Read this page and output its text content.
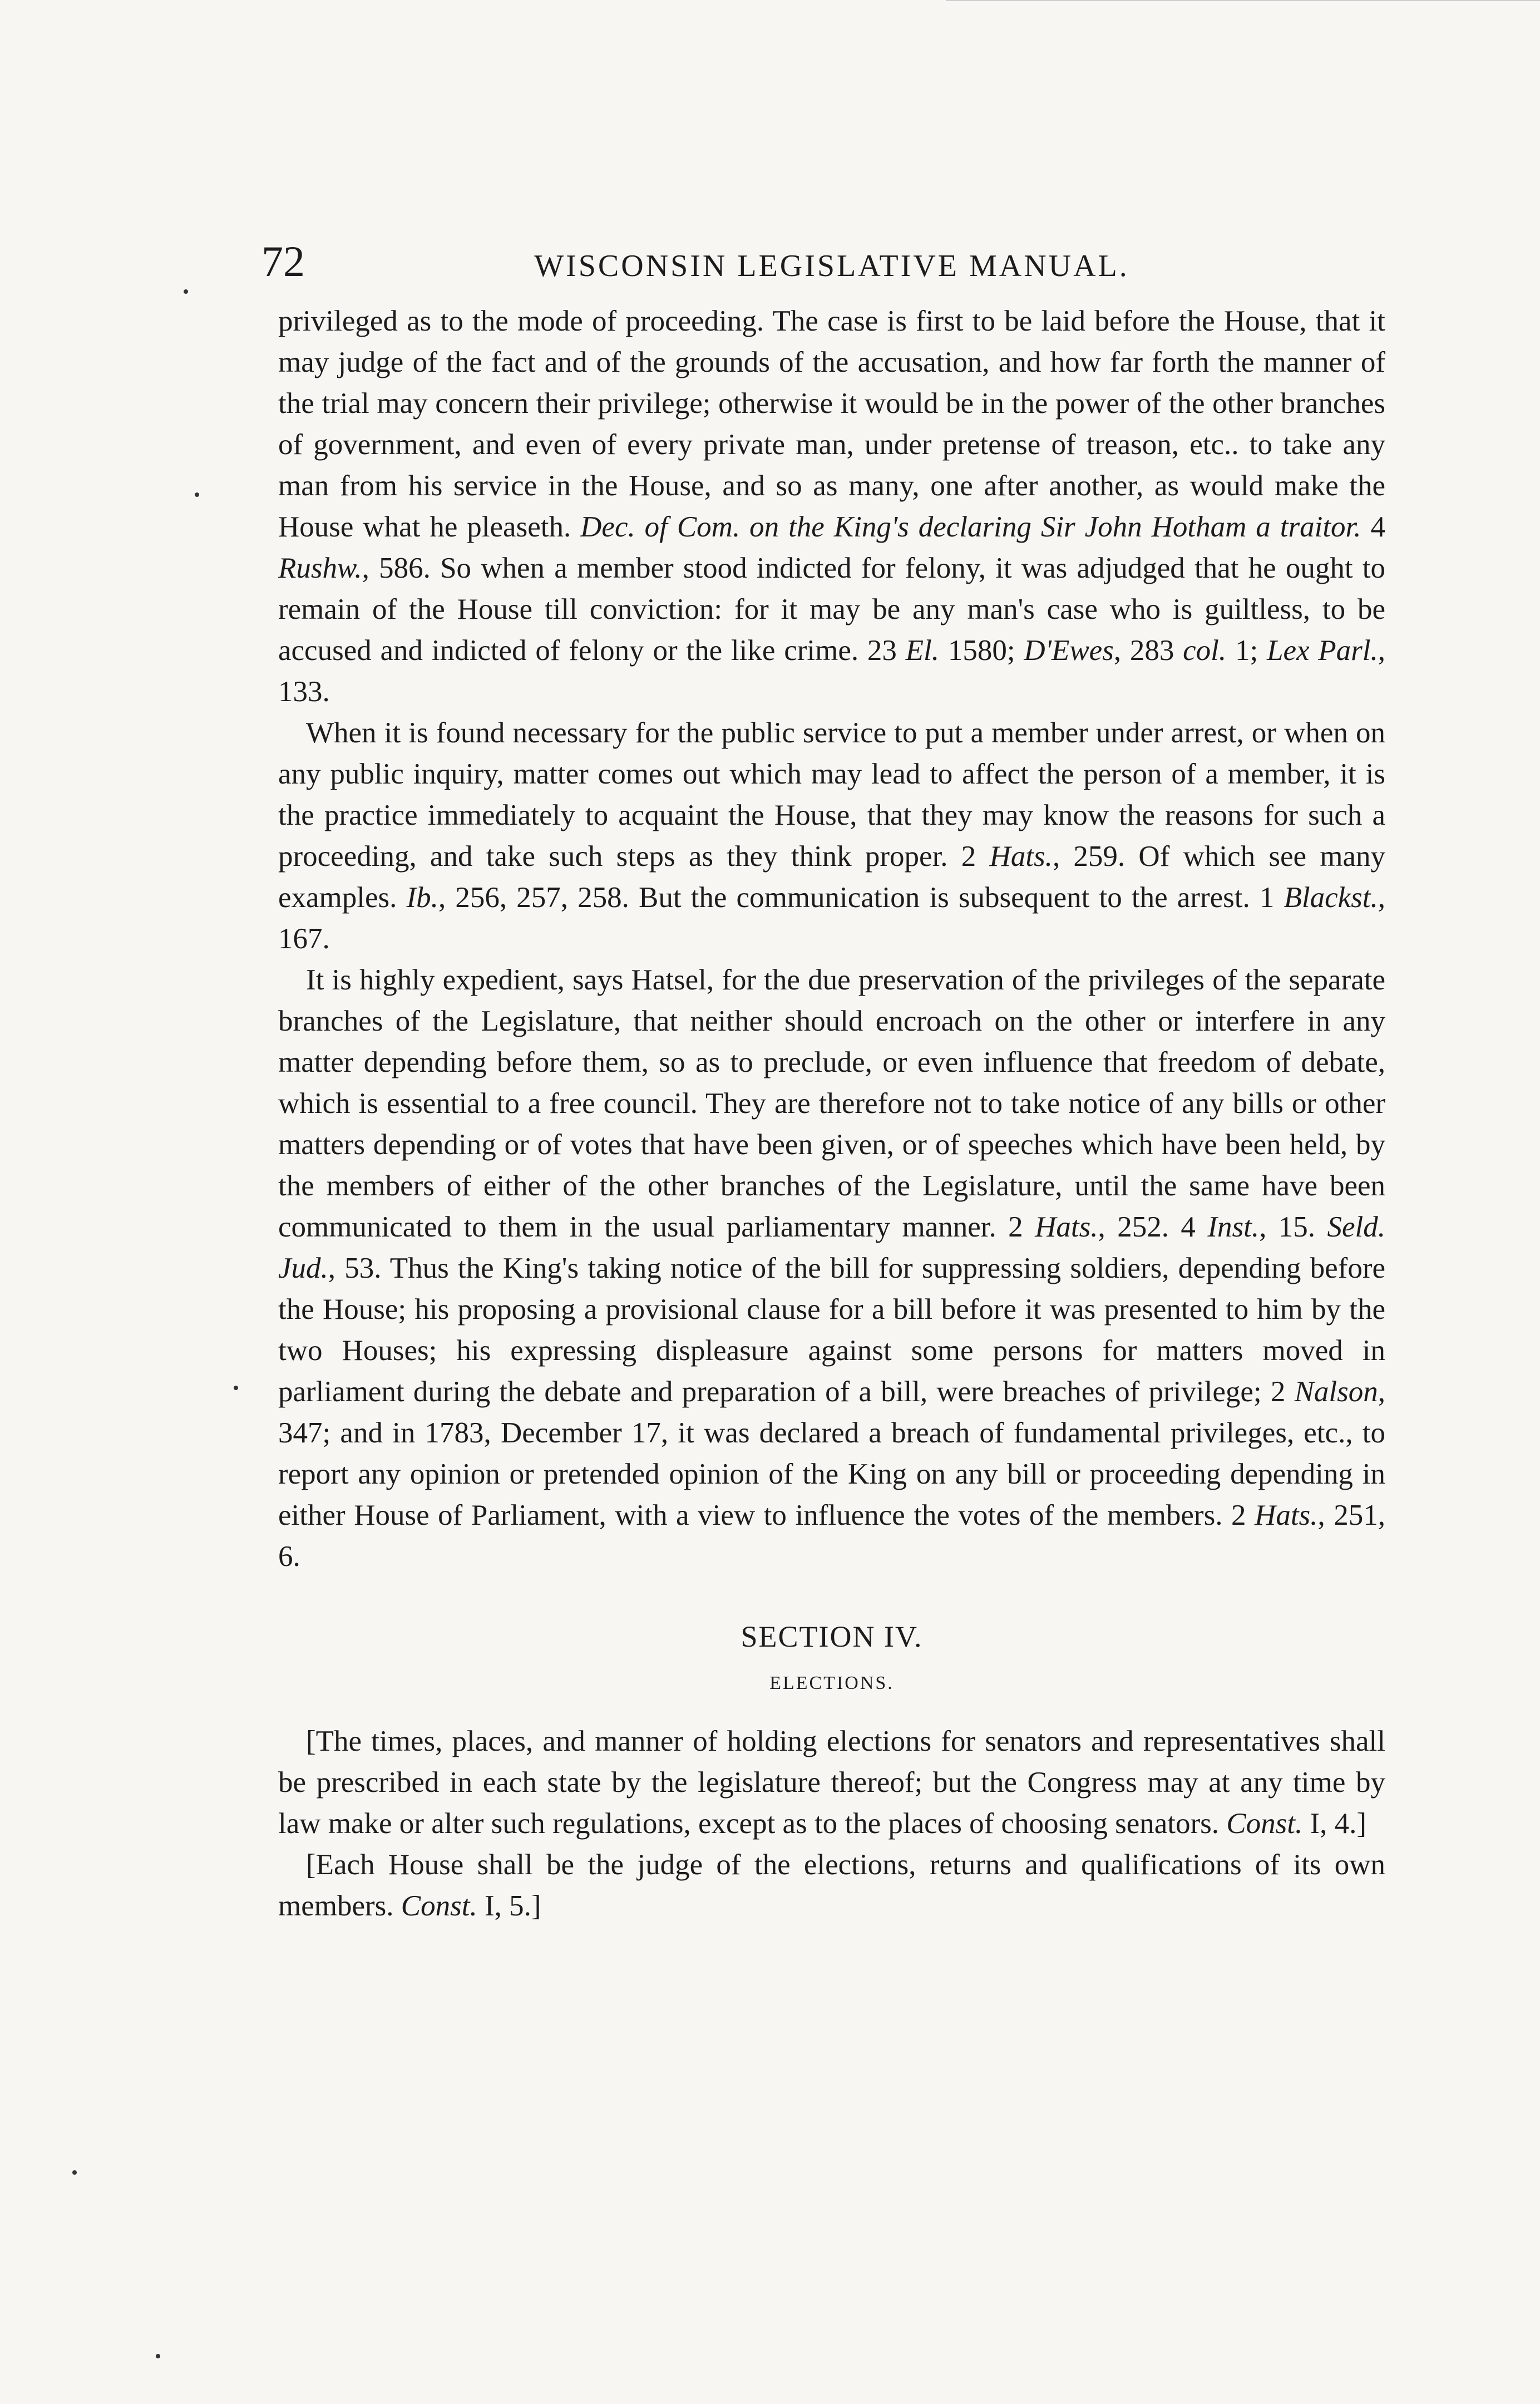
72	WISCONSIN LEGISLATIVE MANUAL.

privileged as to the mode of proceeding. The case is first to be laid before the House, that it may judge of the fact and of the grounds of the accusation, and how far forth the manner of the trial may concern their privilege; otherwise it would be in the power of the other branches of government, and even of every private man, under pretense of treason, etc.. to take any man from his service in the House, and so as many, one after another, as would make the House what he pleaseth. Dec. of Com. on the King's declaring Sir John Hotham a traitor. 4 Rushw., 586. So when a member stood indicted for felony, it was adjudged that he ought to remain of the House till conviction: for it may be any man's case who is guiltless, to be accused and indicted of felony or the like crime. 23 El. 1580; D'Ewes, 283 col. 1; Lex Parl., 133.

When it is found necessary for the public service to put a member under arrest, or when on any public inquiry, matter comes out which may lead to affect the person of a member, it is the practice immediately to acquaint the House, that they may know the reasons for such a proceeding, and take such steps as they think proper. 2 Hats., 259. Of which see many examples. Ib., 256, 257, 258. But the communication is subsequent to the arrest. 1 Blackst., 167.

It is highly expedient, says Hatsel, for the due preservation of the privileges of the separate branches of the Legislature, that neither should encroach on the other or interfere in any matter depending before them, so as to preclude, or even influence that freedom of debate, which is essential to a free council. They are therefore not to take notice of any bills or other matters depending or of votes that have been given, or of speeches which have been held, by the members of either of the other branches of the Legislature, until the same have been communicated to them in the usual parliamentary manner. 2 Hats., 252. 4 Inst., 15. Seld. Jud., 53. Thus the King's taking notice of the bill for suppressing soldiers, depending before the House; his proposing a provisional clause for a bill before it was presented to him by the two Houses; his expressing displeasure against some persons for matters moved in parliament during the debate and preparation of a bill, were breaches of privilege; 2 Nalson, 347; and in 1783, December 17, it was declared a breach of fundamental privileges, etc., to report any opinion or pretended opinion of the King on any bill or proceeding depending in either House of Parliament, with a view to influence the votes of the members. 2 Hats., 251, 6.

SECTION IV.

ELECTIONS.

[The times, places, and manner of holding elections for senators and representatives shall be prescribed in each state by the legislature thereof; but the Congress may at any time by law make or alter such regulations, except as to the places of choosing senators. Const. I, 4.]

[Each House shall be the judge of the elections, returns and qualifications of its own members. Const. I, 5.]
